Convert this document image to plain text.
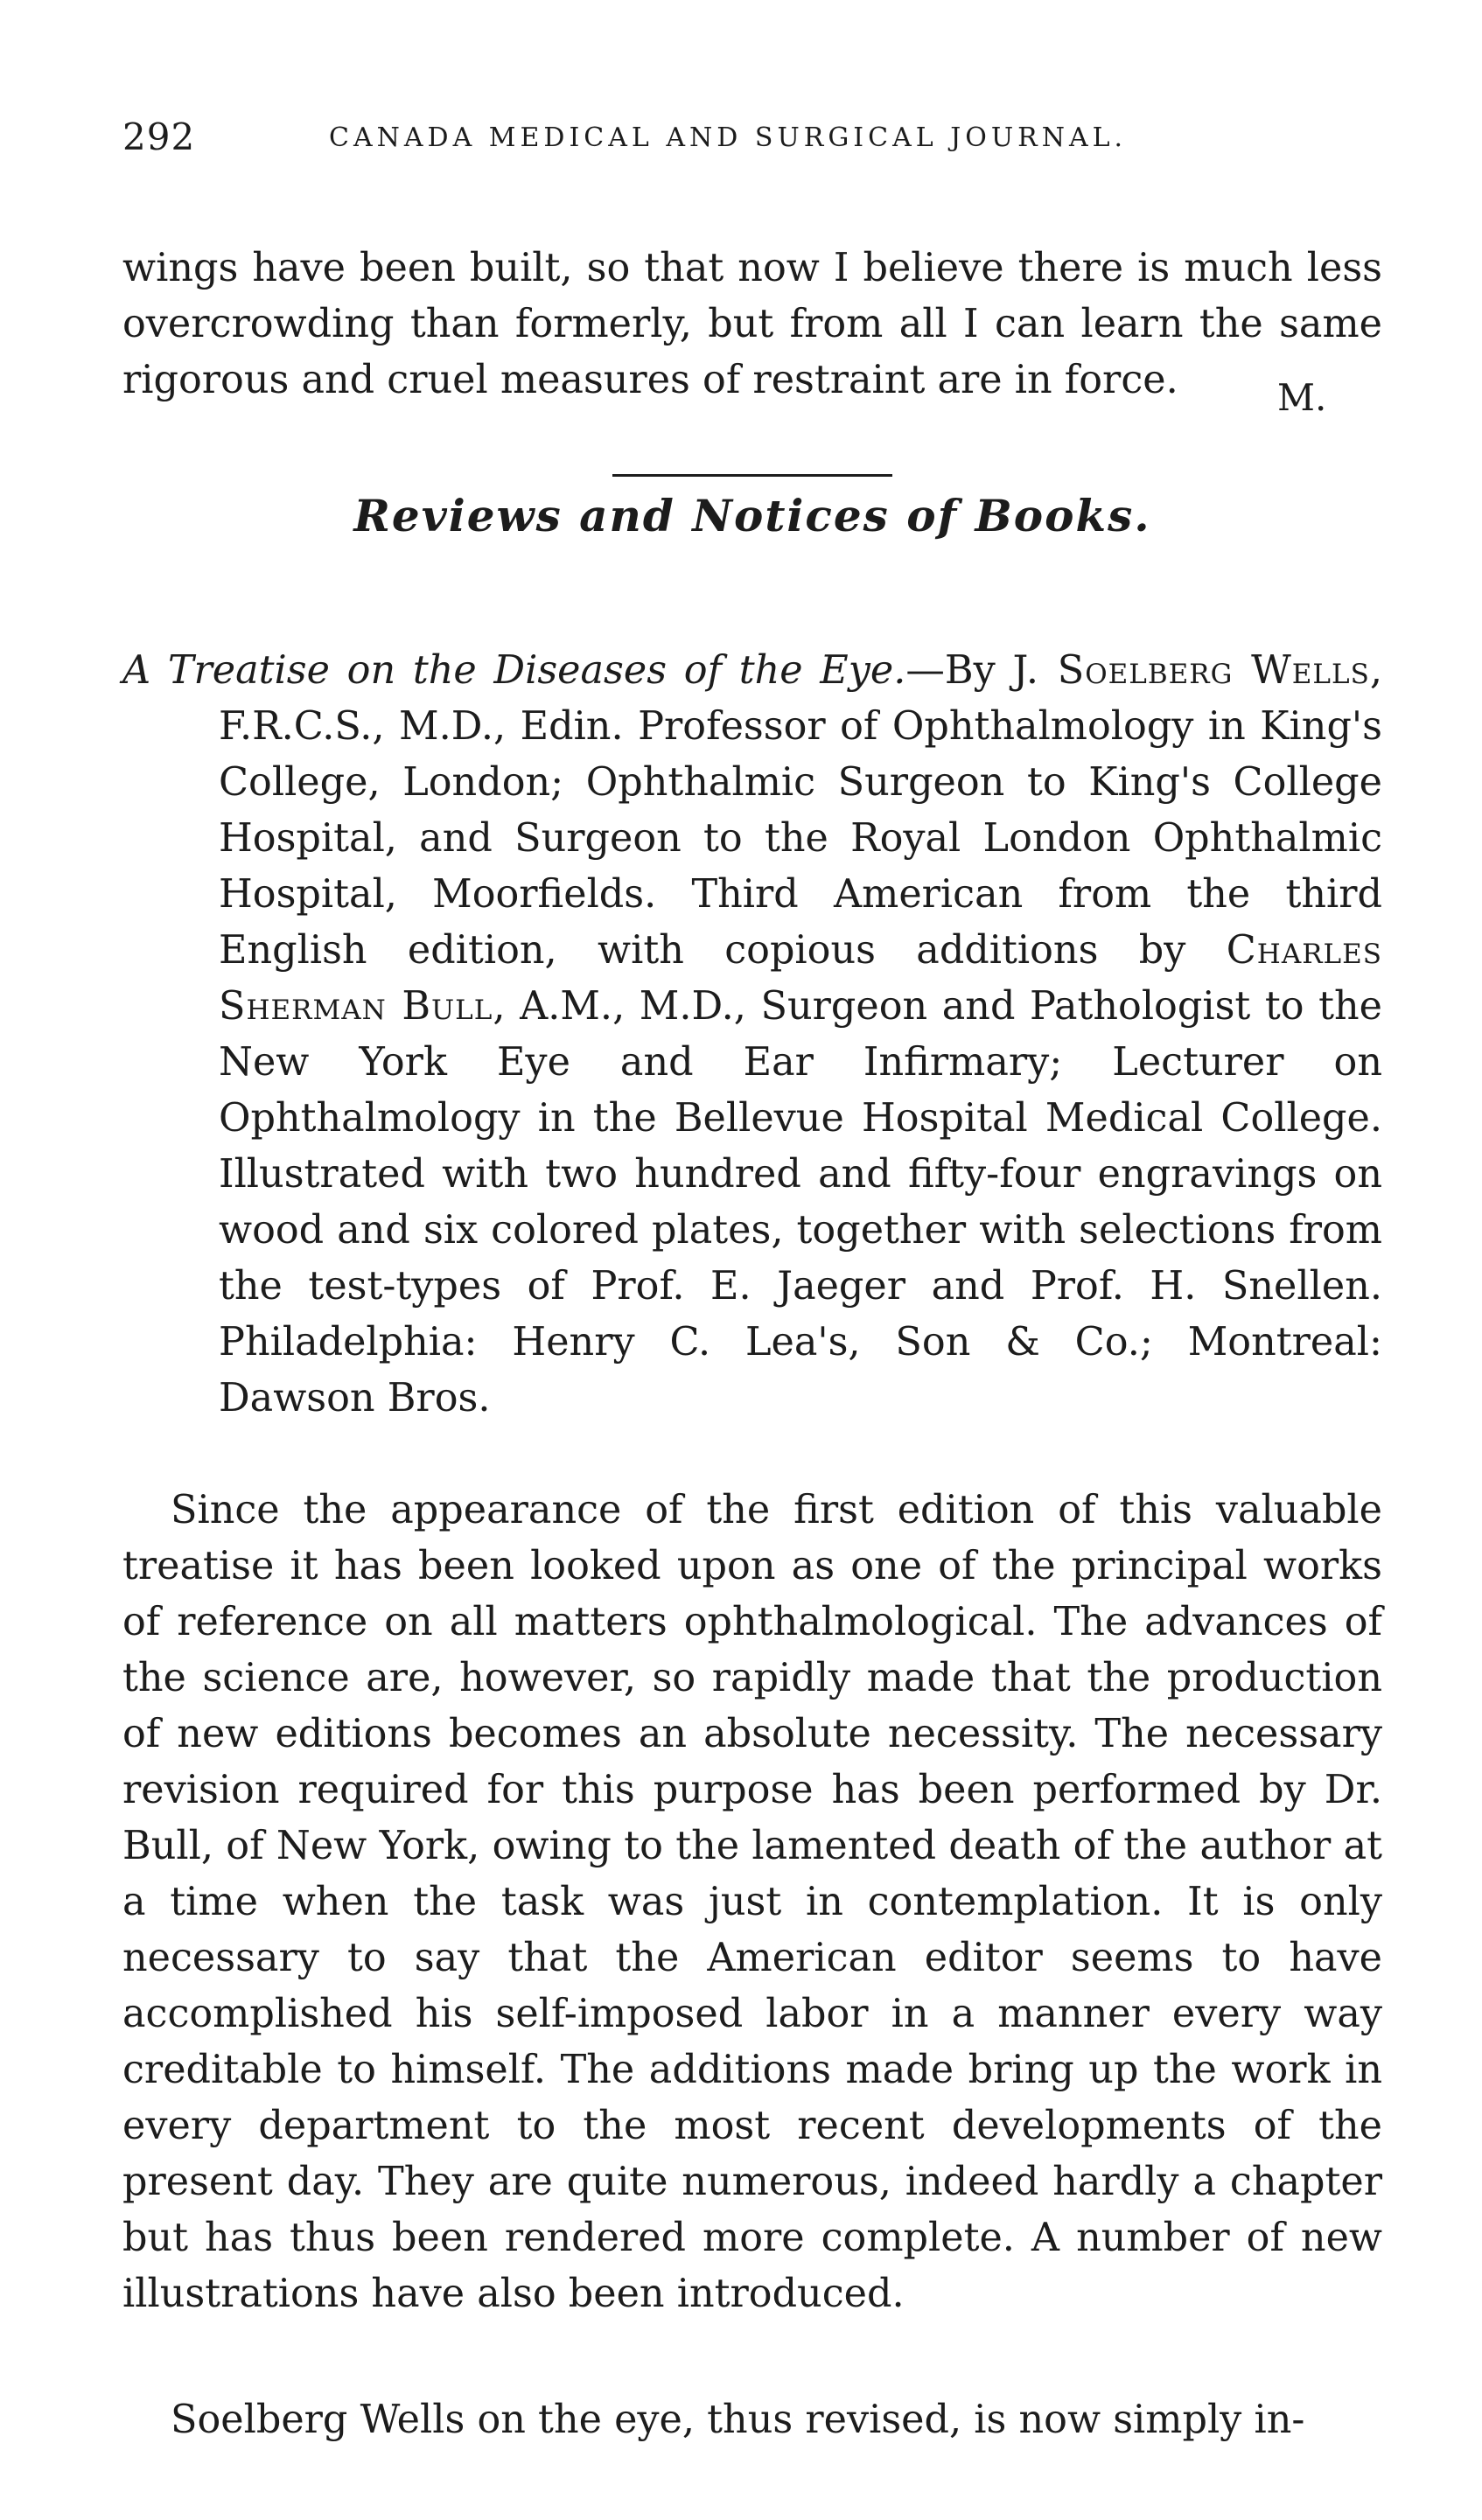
292	CANADA MEDICAL AND SURGICAL JOURNAL.

wings have been built, so that now I believe there is much less overcrowding than formerly, but from all I can learn the same rigorous and cruel measures of restraint are in force.	M.
Reviews and Notices of Books.

A Treatise on the Diseases of the Eye.—By J. Soelberg Wells, F.R.C.S., M.D., Edin. Professor of Ophthalmology in King's College, London; Ophthalmic Surgeon to King's College Hospital, and Surgeon to the Royal London Ophthalmic Hospital, Moorfields. Third American from the third English edition, with copious additions by Charles Sherman Bull, A.M., M.D., Surgeon and Pathologist to the New York Eye and Ear Infirmary; Lecturer on Ophthalmology in the Bellevue Hospital Medical College. Illustrated with two hundred and fifty-four engravings on wood and six colored plates, together with selections from the test-types of Prof. E. Jaeger and Prof. H. Snellen. Philadelphia: Henry C. Lea's, Son & Co.; Montreal: Dawson Bros.

Since the appearance of the first edition of this valuable treatise it has been looked upon as one of the principal works of reference on all matters ophthalmological. The advances of the science are, however, so rapidly made that the production of new editions becomes an absolute necessity. The necessary revision required for this purpose has been performed by Dr. Bull, of New York, owing to the lamented death of the author at a time when the task was just in contemplation. It is only necessary to say that the American editor seems to have accomplished his self-imposed labor in a manner every way creditable to himself. The additions made bring up the work in every department to the most recent developments of the present day. They are quite numerous, indeed hardly a chapter but has thus been rendered more complete. A number of new illustrations have also been introduced.

Soelberg Wells on the eye, thus revised, is now simply in-
